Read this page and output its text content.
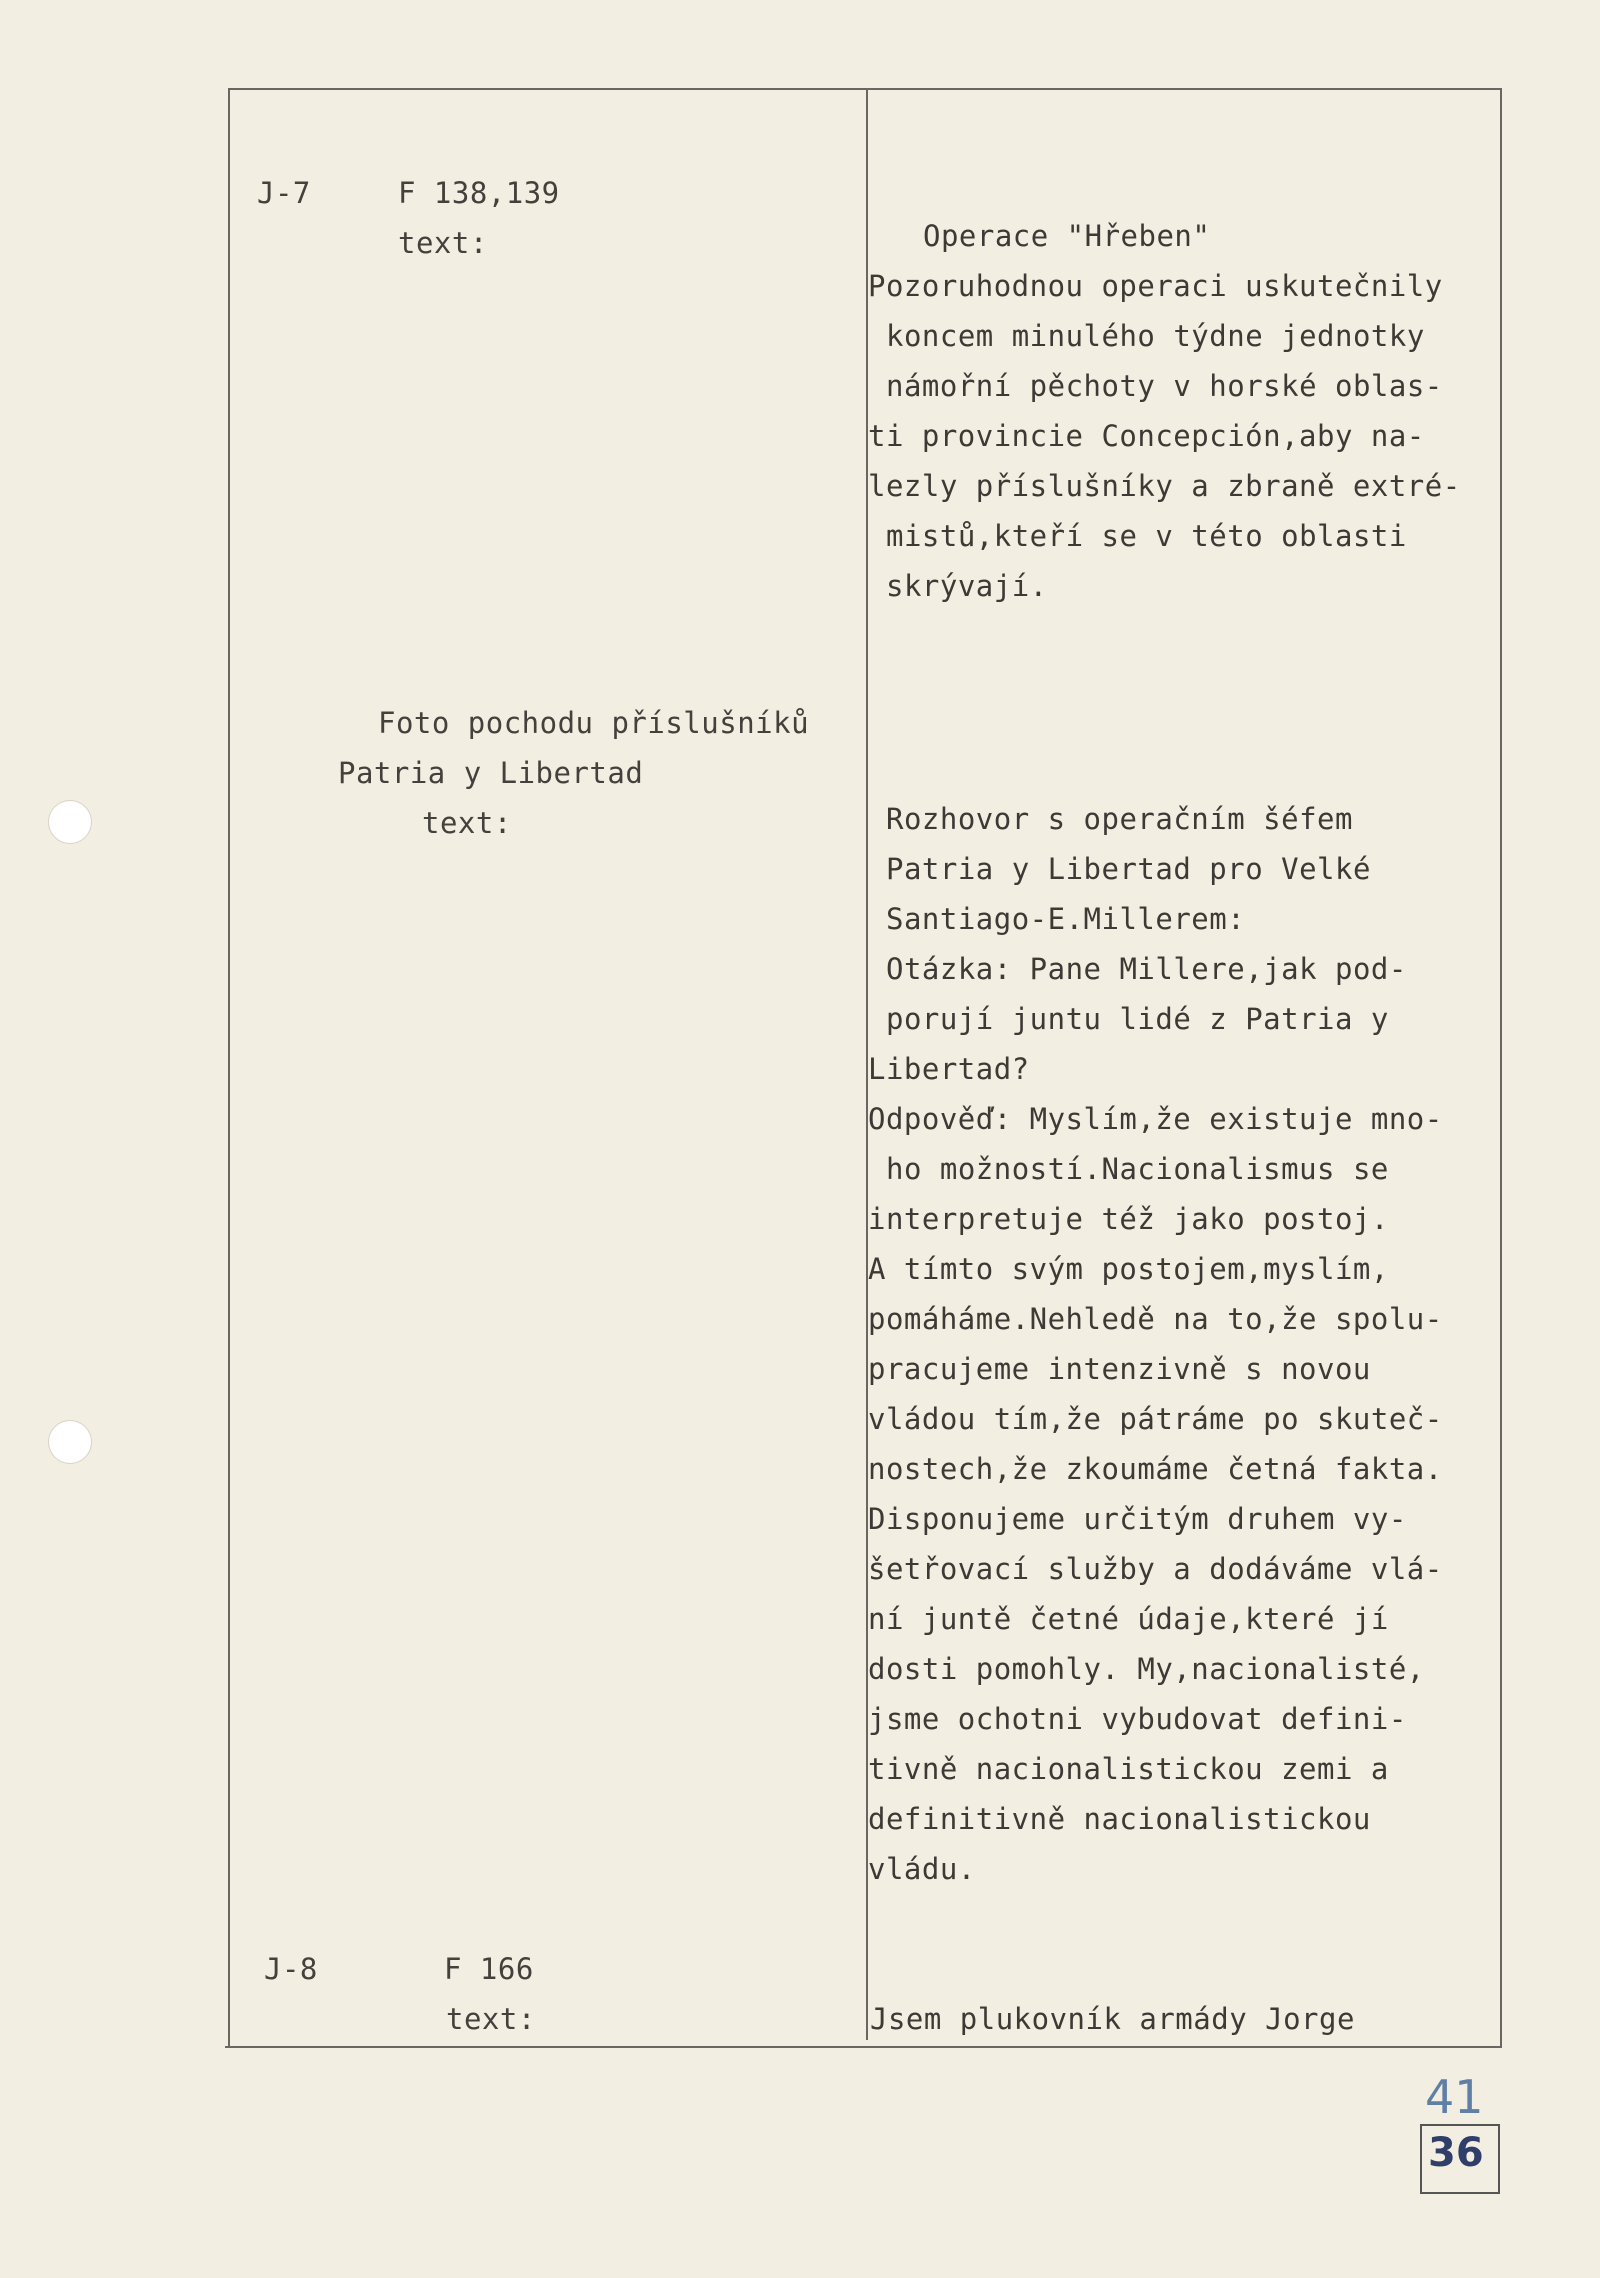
J-7	F 138,139
text:
Foto pochodu příslušníků
Patria y Libertad
text:
J-8	F 166
text:
Operace "Hřeben"
Pozoruhodnou operaci uskutečnily
koncem minulého týdne jednotky
námořní pěchoty v horské oblas-
ti provincie Concepción,aby na-
lezly příslušníky a zbraně extré-
mistů,kteří se v této oblasti
skrývají.
Rozhovor s operačním šéfem
Patria y Libertad pro Velké
Santiago-E.Millerem:
Otázka: Pane Millere,jak pod-
porují juntu lidé z Patria y
Libertad?
Odpověď: Myslím,že existuje mno-
ho možností.Nacionalismus se
interpretuje též jako postoj.
A tímto svým postojem,myslím,
pomáháme.Nehledě na to,že spolu-
pracujeme intenzivně s novou
vládou tím,že pátráme po skuteč-
nostech,že zkoumáme četná fakta.
Disponujeme určitým druhem vy-
šetřovací služby a dodáváme vlá-
ní juntě četné údaje,které jí
dosti pomohly. My,nacionalisté,
jsme ochotni vybudovat defini-
tivně nacionalistickou zemi a
definitivně nacionalistickou
vládu.
Jsem plukovník armády Jorge
41
36
